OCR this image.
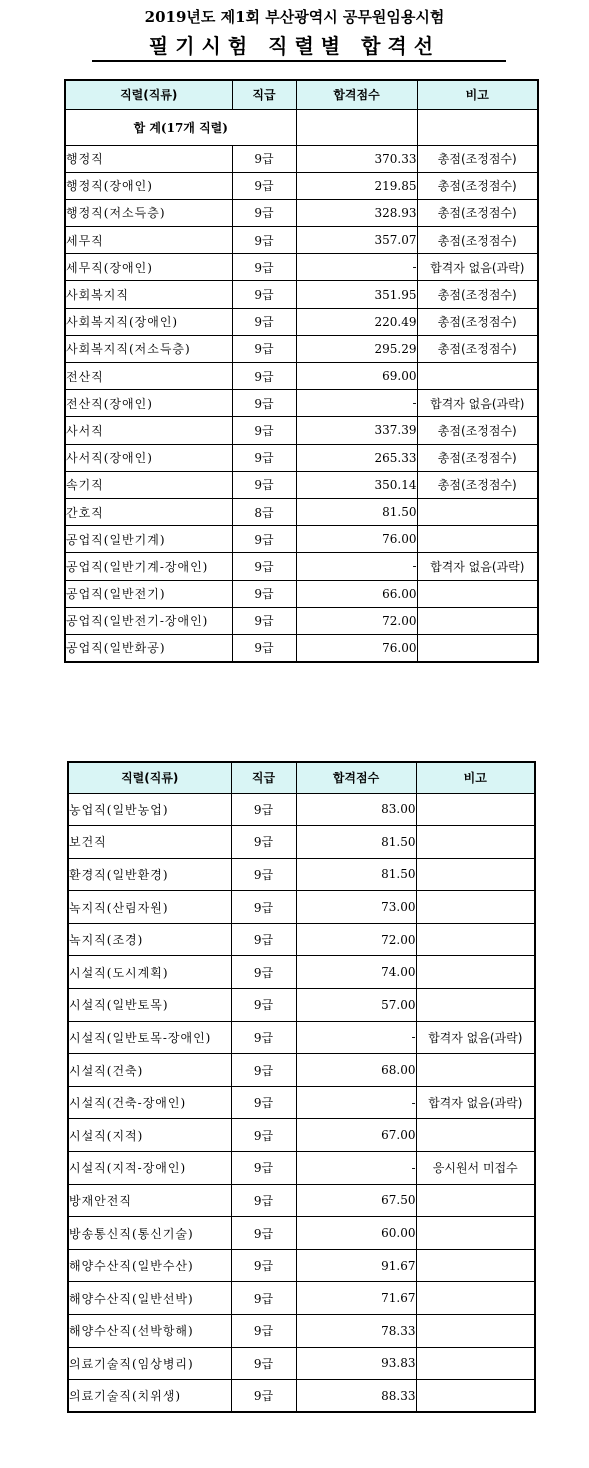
2019년도 제1회 부산광역시 공무원임용시험
필기시험 직렬별 합격선
직렬(직류)	직급	합격점수	비고
합 계(17개 직렬)			
행정직	9급	370.33	총점(조정점수)
행정직(장애인)	9급	219.85	총점(조정점수)
행정직(저소득층)	9급	328.93	총점(조정점수)
세무직	9급	357.07	총점(조정점수)
세무직(장애인)	9급	-	합격자 없음(과락)
사회복지직	9급	351.95	총점(조정점수)
사회복지직(장애인)	9급	220.49	총점(조정점수)
사회복지직(저소득층)	9급	295.29	총점(조정점수)
전산직	9급	69.00	
전산직(장애인)	9급	-	합격자 없음(과락)
사서직	9급	337.39	총점(조정점수)
사서직(장애인)	9급	265.33	총점(조정점수)
속기직	9급	350.14	총점(조정점수)
간호직	8급	81.50	
공업직(일반기계)	9급	76.00	
공업직(일반기계-장애인)	9급	-	합격자 없음(과락)
공업직(일반전기)	9급	66.00	
공업직(일반전기-장애인)	9급	72.00	
공업직(일반화공)	9급	76.00	
직렬(직류)	직급	합격점수	비고
농업직(일반농업)	9급	83.00	
보건직	9급	81.50	
환경직(일반환경)	9급	81.50	
녹지직(산림자원)	9급	73.00	
녹지직(조경)	9급	72.00	
시설직(도시계획)	9급	74.00	
시설직(일반토목)	9급	57.00	
시설직(일반토목-장애인)	9급	-	합격자 없음(과락)
시설직(건축)	9급	68.00	
시설직(건축-장애인)	9급	-	합격자 없음(과락)
시설직(지적)	9급	67.00	
시설직(지적-장애인)	9급	-	응시원서 미접수
방재안전직	9급	67.50	
방송통신직(통신기술)	9급	60.00	
해양수산직(일반수산)	9급	91.67	
해양수산직(일반선박)	9급	71.67	
해양수산직(선박항해)	9급	78.33	
의료기술직(임상병리)	9급	93.83	
의료기술직(치위생)	9급	88.33	
